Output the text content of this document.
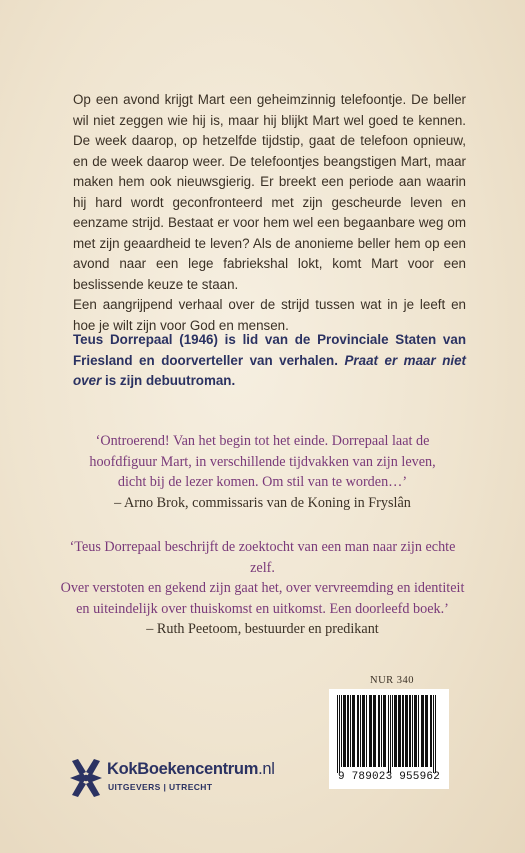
Op een avond krijgt Mart een geheimzinnig telefoontje. De beller wil niet zeggen wie hij is, maar hij blijkt Mart wel goed te kennen. De week daarop, op hetzelfde tijdstip, gaat de telefoon opnieuw, en de week daarop weer. De telefoontjes beangstigen Mart, maar maken hem ook nieuwsgierig. Er breekt een periode aan waarin hij hard wordt geconfronteerd met zijn gescheurde leven en eenzame strijd. Bestaat er voor hem wel een begaanbare weg om met zijn geaardheid te leven? Als de anonieme beller hem op een avond naar een lege fabriekshal lokt, komt Mart voor een beslissende keuze te staan.

Een aangrijpend verhaal over de strijd tussen wat in je leeft en hoe je wilt zijn voor God en mensen.

Teus Dorrepaal (1946) is lid van de Provinciale Staten van Friesland en doorverteller van verhalen. Praat er maar niet over is zijn debuutroman.
‘Ontroerend! Van het begin tot het einde. Dorrepaal laat de
hoofdfiguur Mart, in verschillende tijdvakken van zijn leven,
dicht bij de lezer komen. Om stil van te worden…’
– Arno Brok, commissaris van de Koning in Fryslân
‘Teus Dorrepaal beschrijft de zoektocht van een man naar zijn echte zelf.
Over verstoten en gekend zijn gaat het, over vervreemding en identiteit
en uiteindelijk over thuiskomst en uitkomst. Een doorleefd boek.’
– Ruth Peetoom, bestuurder en predikant
NUR 340
9 789023 955962
KokBoekencentrum.nl
UITGEVERS | UTRECHT
